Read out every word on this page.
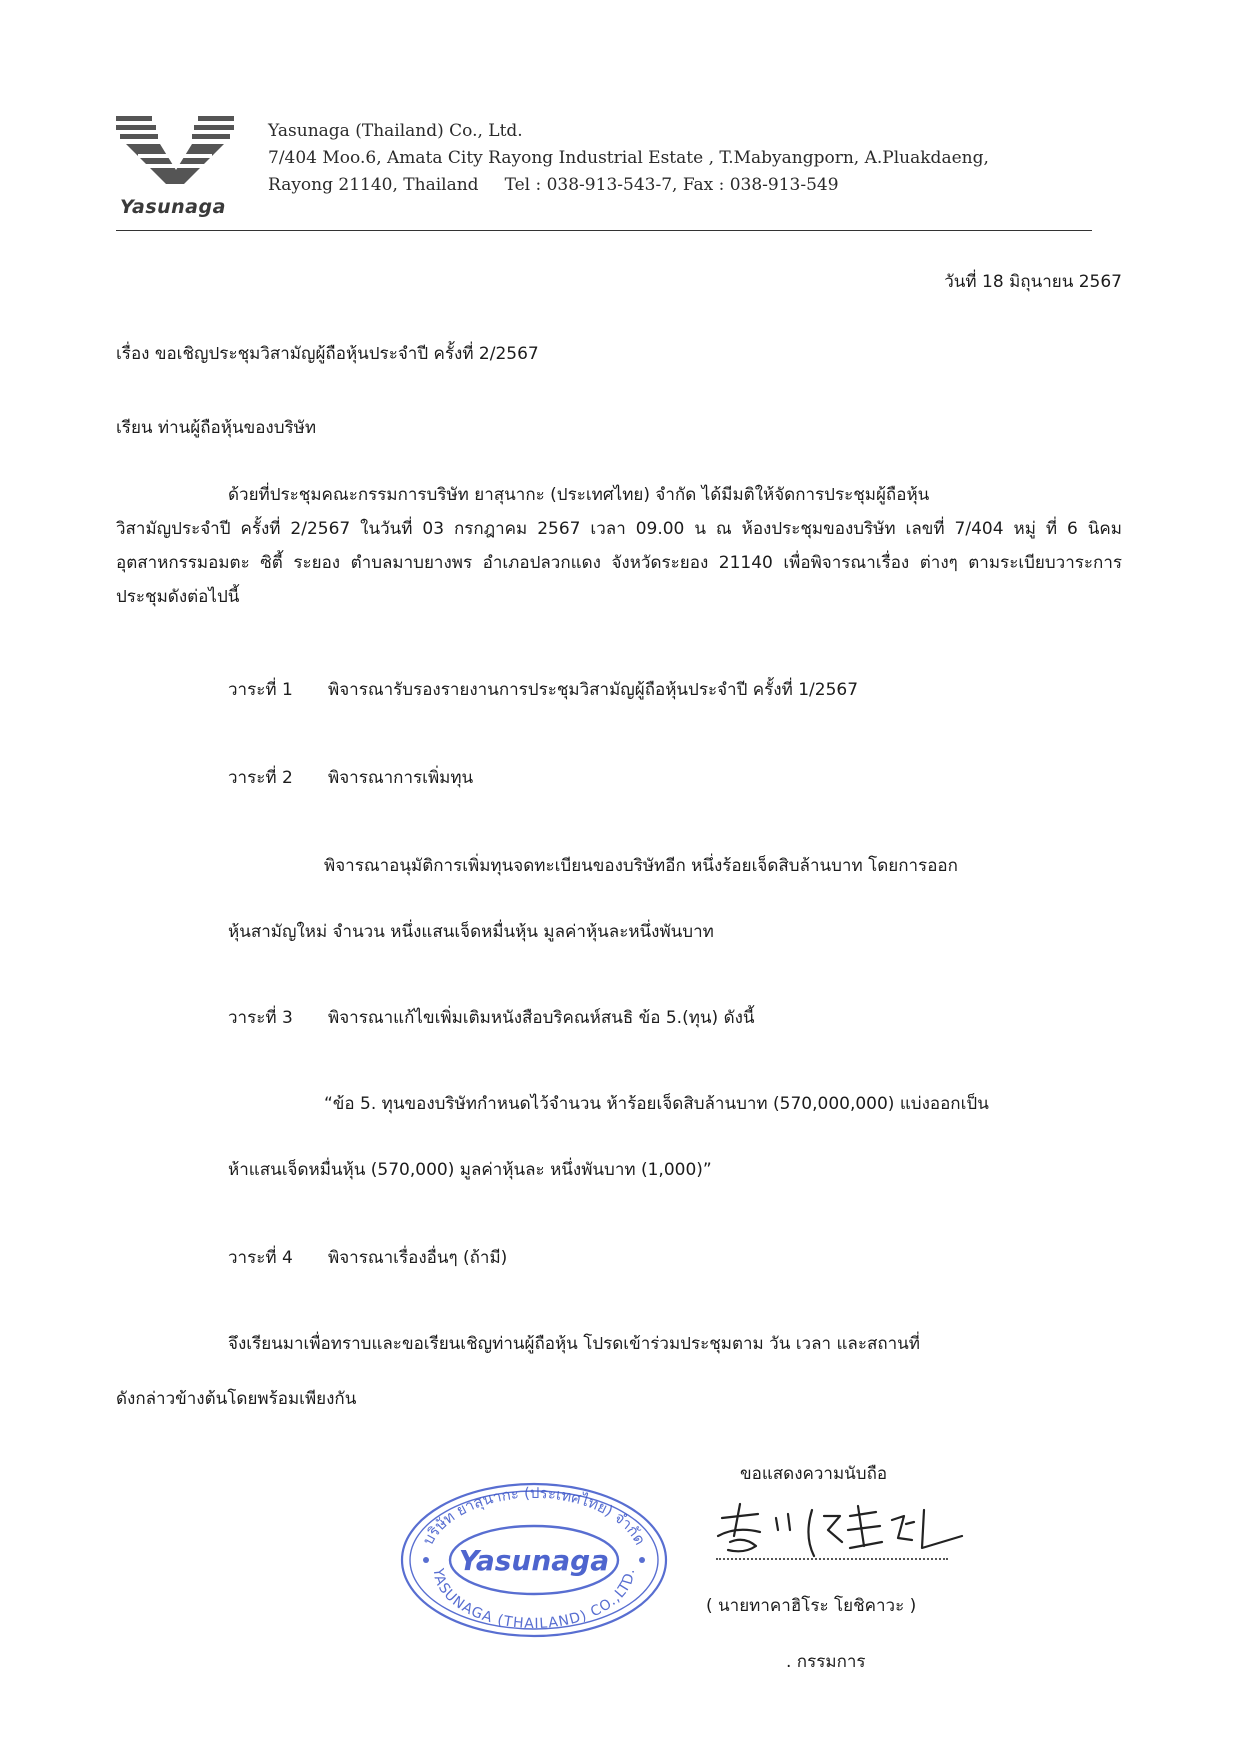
Yasunaga
Yasunaga (Thailand) Co., Ltd.
7/404 Moo.6, Amata City Rayong Industrial Estate , T.Mabyangporn, A.Pluakdaeng,
Rayong 21140, Thailand Tel : 038-913-543-7, Fax : 038-913-549
วันที่ 18 มิถุนายน 2567
เรื่อง ขอเชิญประชุมวิสามัญผู้ถือหุ้นประจำปี ครั้งที่ 2/2567
เรียน ท่านผู้ถือหุ้นของบริษัท
ด้วยที่ประชุมคณะกรรมการบริษัท ยาสุนากะ (ประเทศไทย) จำกัด ได้มีมติให้จัดการประชุมผู้ถือหุ้น
วิสามัญประจำปี ครั้งที่ 2/2567 ในวันที่ 03 กรกฎาคม 2567 เวลา 09.00 น ณ ห้องประชุมของบริษัท เลขที่ 7/404 หมู่ ที่ 6 นิคมอุตสาหกรรมอมตะ ซิตี้ ระยอง ตำบลมาบยางพร อำเภอปลวกแดง จังหวัดระยอง 21140 เพื่อพิจารณาเรื่อง ต่างๆ ตามระเบียบวาระการประชุมดังต่อไปนี้
วาระที่ 1 พิจารณารับรองรายงานการประชุมวิสามัญผู้ถือหุ้นประจำปี ครั้งที่ 1/2567
วาระที่ 2 พิจารณาการเพิ่มทุน
พิจารณาอนุมัติการเพิ่มทุนจดทะเบียนของบริษัทอีก หนึ่งร้อยเจ็ดสิบล้านบาท โดยการออก
หุ้นสามัญใหม่ จำนวน หนึ่งแสนเจ็ดหมื่นหุ้น มูลค่าหุ้นละหนึ่งพันบาท
วาระที่ 3 พิจารณาแก้ไขเพิ่มเติมหนังสือบริคณห์สนธิ ข้อ 5.(ทุน) ดังนี้
“ข้อ 5. ทุนของบริษัทกำหนดไว้จำนวน ห้าร้อยเจ็ดสิบล้านบาท (570,000,000) แบ่งออกเป็น
ห้าแสนเจ็ดหมื่นหุ้น (570,000) มูลค่าหุ้นละ หนึ่งพันบาท (1,000)”
วาระที่ 4 พิจารณาเรื่องอื่นๆ (ถ้ามี)
จึงเรียนมาเพื่อทราบและขอเรียนเชิญท่านผู้ถือหุ้น โปรดเข้าร่วมประชุมตาม วัน เวลา และสถานที่
ดังกล่าวข้างต้นโดยพร้อมเพียงกัน
ขอแสดงความนับถือ
( นายทาคาฮิโระ โยชิคาวะ )
. กรรมการ
บริษัท ยาสุนากะ (ประเทศไทย) จำกัด
YASUNAGA (THAILAND) CO.,LTD.
Yasunaga
